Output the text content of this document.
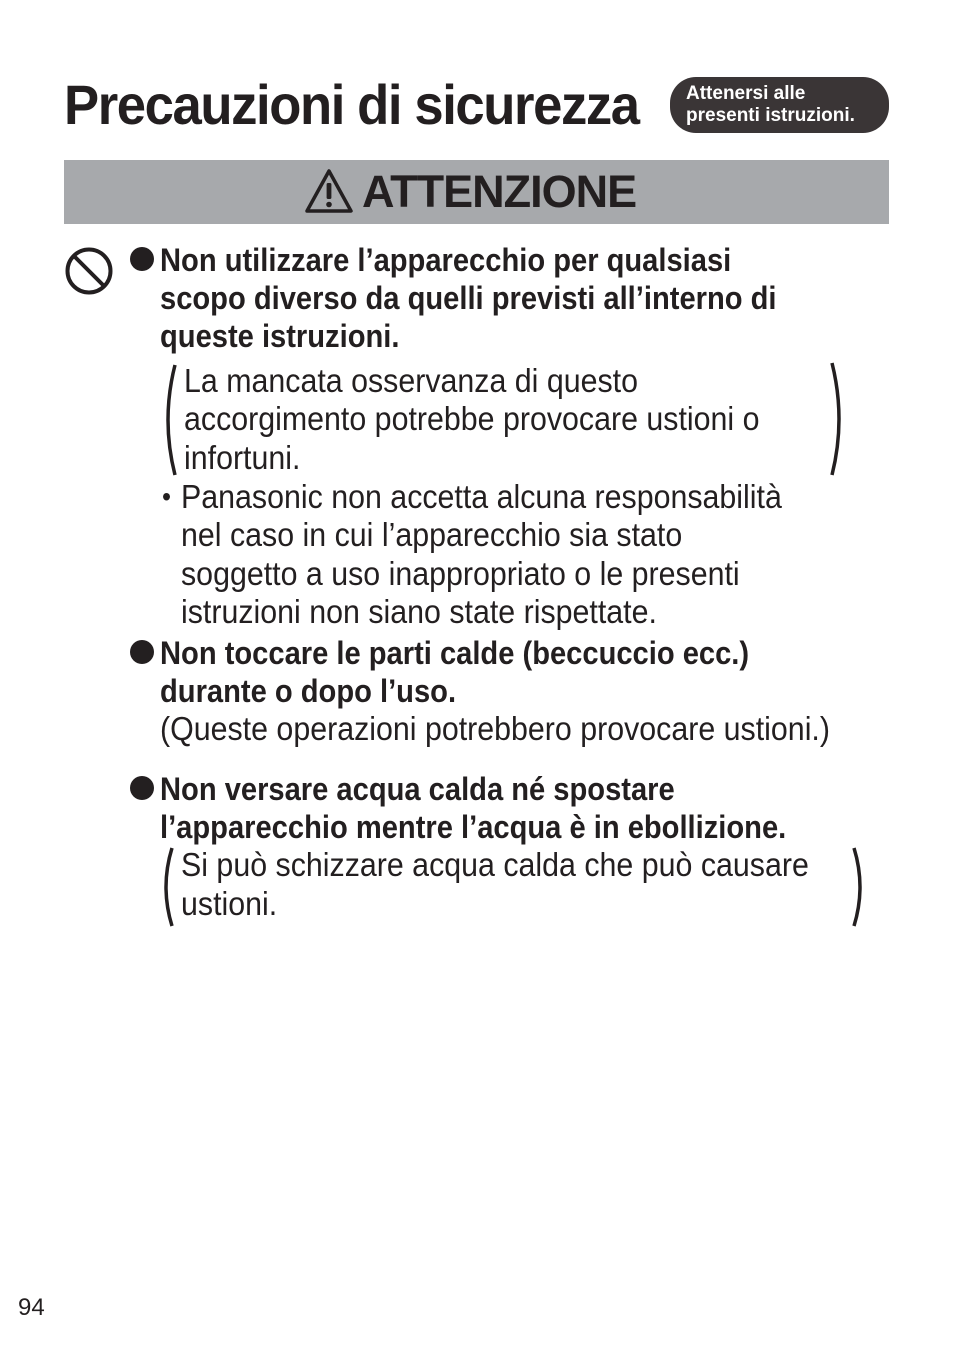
Precauzioni di sicurezza Attenersi alle
presenti istruzioni.
ATTENZIONE
Non utilizzare l’apparecchio per qualsiasi
scopo diverso da quelli previsti all’interno di
queste istruzioni.
La mancata osservanza di questo
accorgimento potrebbe provocare ustioni o
infortuni.
• Panasonic non accetta alcuna responsabilità
nel caso in cui l’apparecchio sia stato
soggetto a uso inappropriato o le presenti
istruzioni non siano state rispettate.
Non toccare le parti calde (beccuccio ecc.)
durante o dopo l’uso.
(Queste operazioni potrebbero provocare ustioni.)
Non versare acqua calda né spostare
l’apparecchio mentre l’acqua è in ebollizione.
Si può schizzare acqua calda che può causare
ustioni.
94
